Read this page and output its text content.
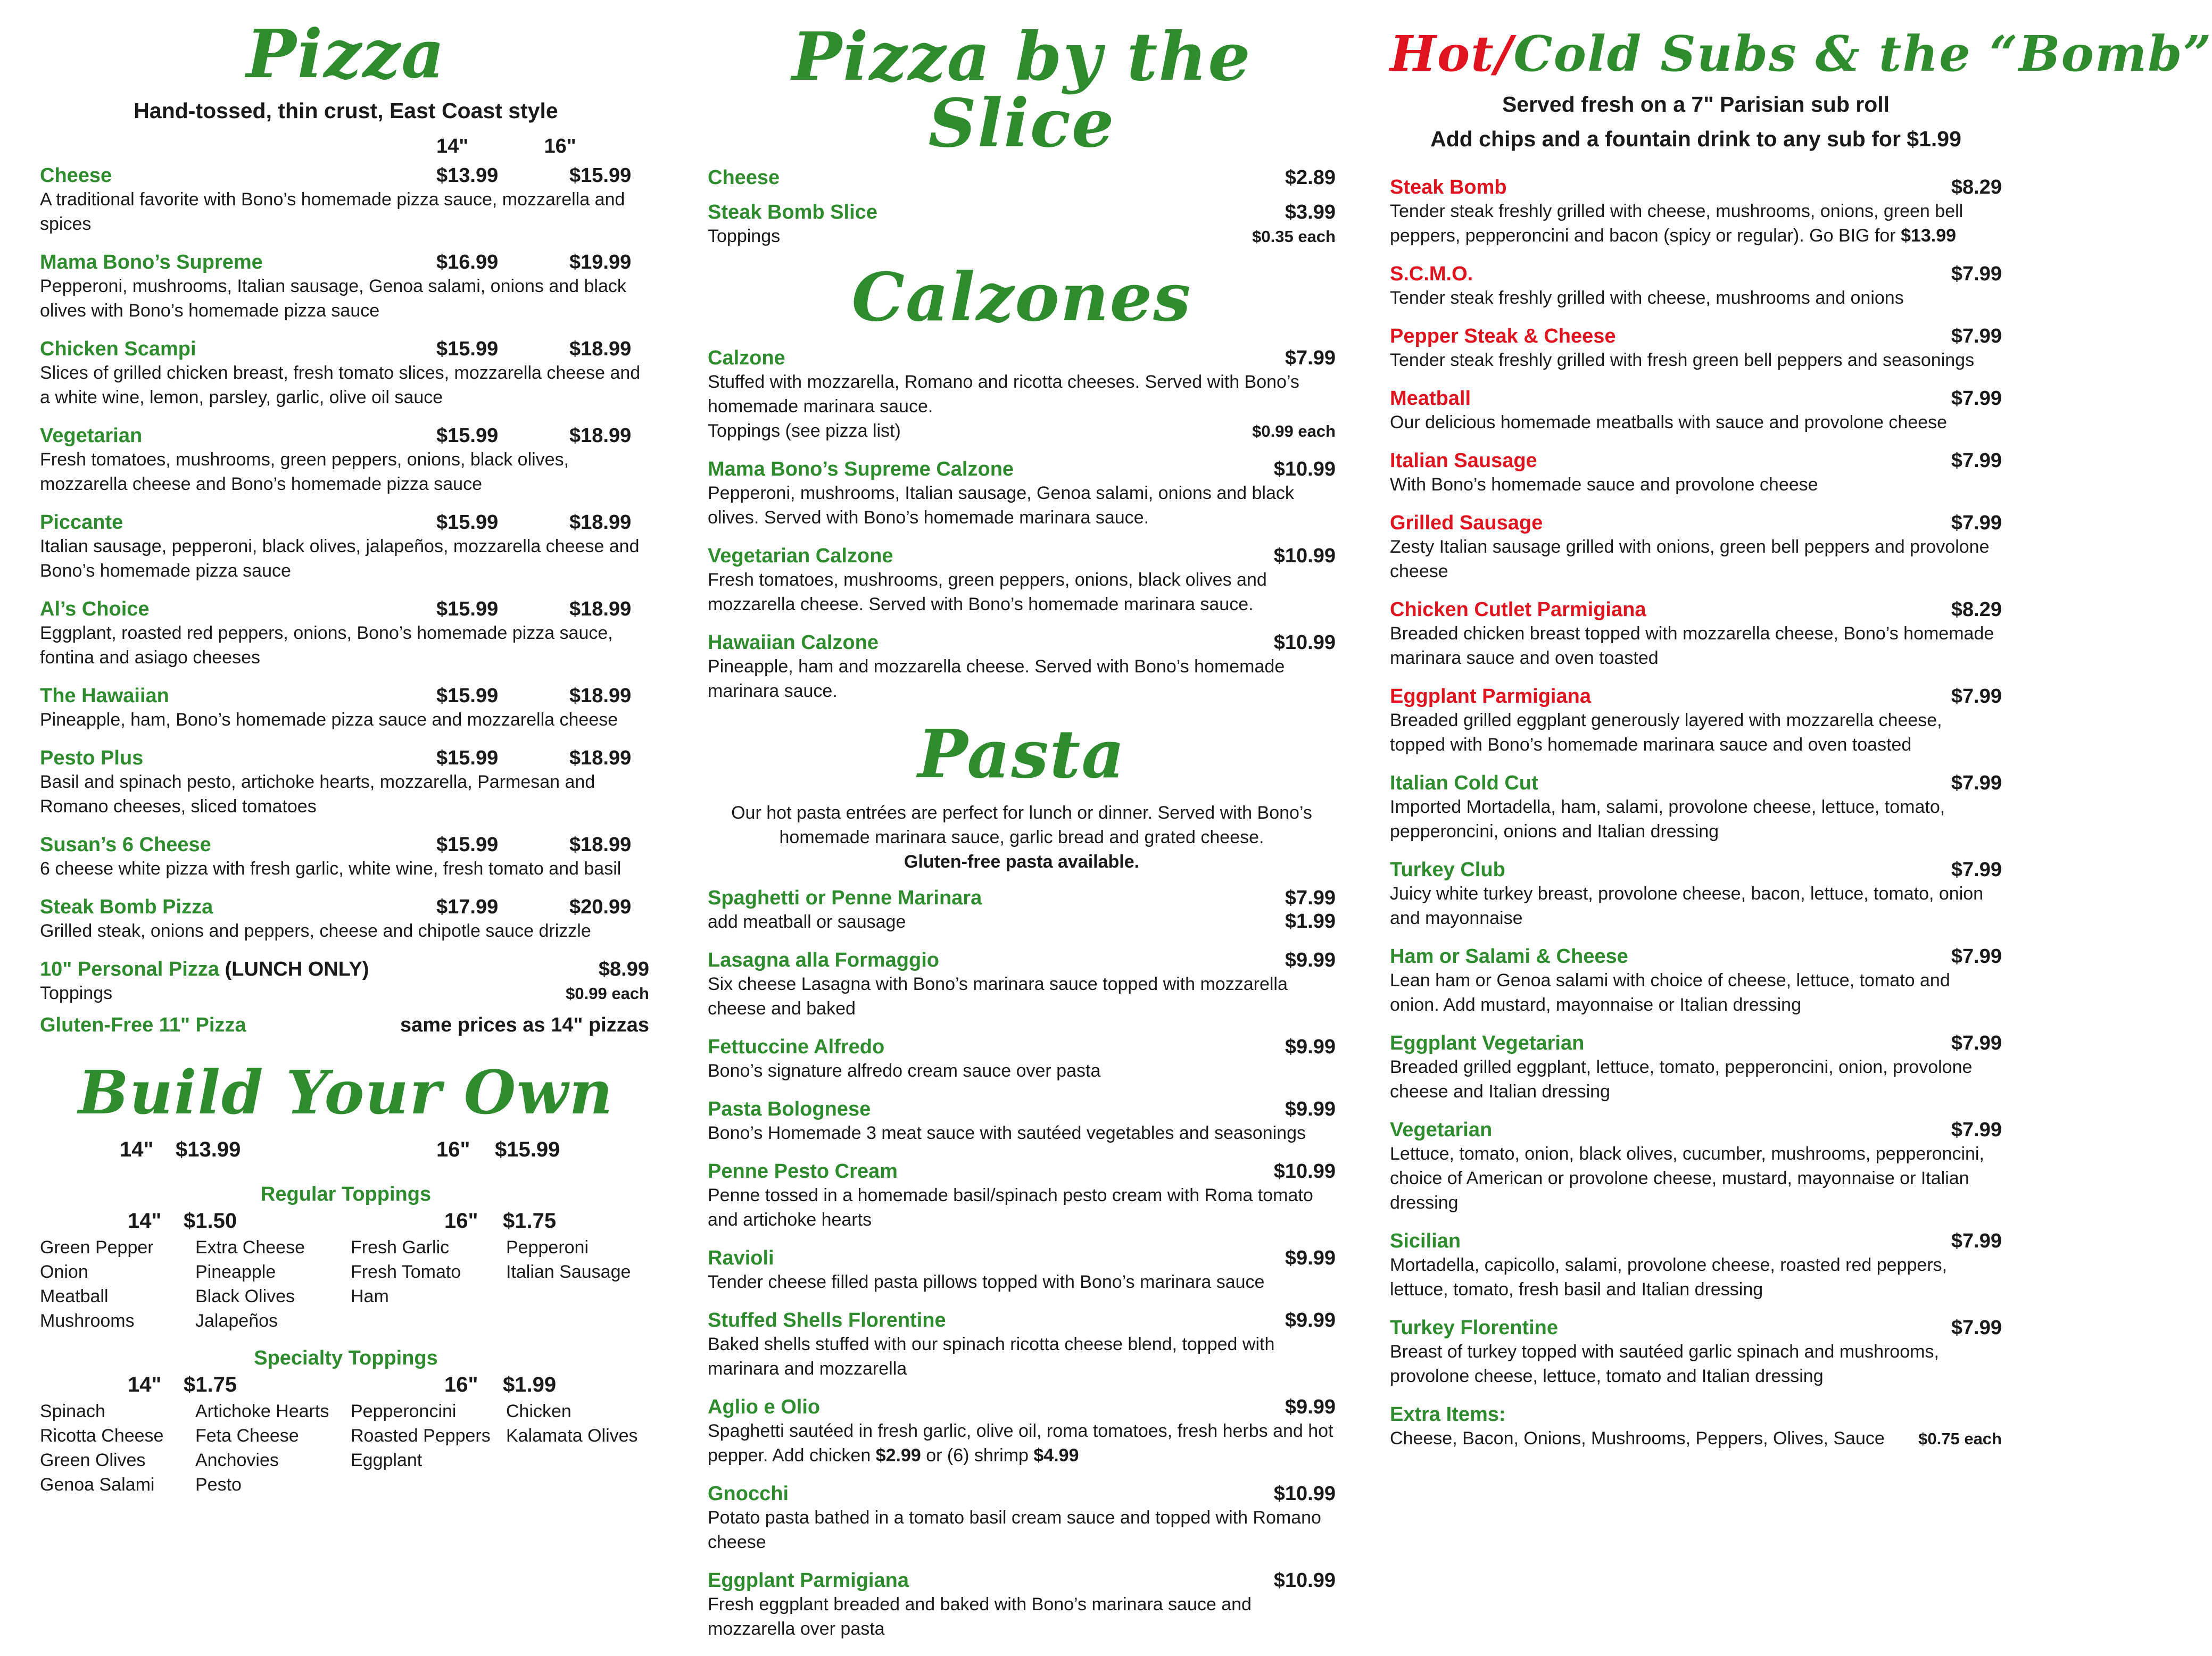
Pizza

Hand-tossed, thin crust, East Coast style

14"	16"
Cheese	$13.99	$15.99
A traditional favorite with Bono’s homemade pizza sauce, mozzarella and spices
Mama Bono’s Supreme	$16.99	$19.99
Pepperoni, mushrooms, Italian sausage, Genoa salami, onions and black olives with Bono’s homemade pizza sauce
Chicken Scampi	$15.99	$18.99
Slices of grilled chicken breast, fresh tomato slices, mozzarella cheese and a white wine, lemon, parsley, garlic, olive oil sauce
Vegetarian	$15.99	$18.99
Fresh tomatoes, mushrooms, green peppers, onions, black olives, mozzarella cheese and Bono’s homemade pizza sauce
Piccante	$15.99	$18.99
Italian sausage, pepperoni, black olives, jalapeños, mozzarella cheese and Bono’s homemade pizza sauce
Al’s Choice	$15.99	$18.99
Eggplant, roasted red peppers, onions, Bono’s homemade pizza sauce, fontina and asiago cheeses
The Hawaiian	$15.99	$18.99
Pineapple, ham, Bono’s homemade pizza sauce and mozzarella cheese
Pesto Plus	$15.99	$18.99
Basil and spinach pesto, artichoke hearts, mozzarella, Parmesan and Romano cheeses, sliced tomatoes
Susan’s 6 Cheese	$15.99	$18.99
6 cheese white pizza with fresh garlic, white wine, fresh tomato and basil
Steak Bomb Pizza	$17.99	$20.99
Grilled steak, onions and peppers, cheese and chipotle sauce drizzle
10" Personal Pizza (LUNCH ONLY)	$8.99
Toppings	$0.99 each
Gluten-Free 11" Pizza	same prices as 14" pizzas
Build Your Own
14"	$13.99	16"	$15.99

Regular Toppings

14"	$1.50	16"	$1.75
Green Pepper
Onion
Meatball
Mushrooms
Extra Cheese
Pineapple
Black Olives
Jalapeños
Fresh Garlic
Fresh Tomato
Ham
Pepperoni
Italian Sausage

Specialty Toppings

14"	$1.75	16"	$1.99
Spinach
Ricotta Cheese
Green Olives
Genoa Salami
Artichoke Hearts
Feta Cheese
Anchovies
Pesto
Pepperoncini
Roasted Peppers
Eggplant
Chicken
Kalamata Olives
Pizza by the Slice
Cheese	$2.89
Steak Bomb Slice	$3.99
Toppings	$0.35 each
Calzones
Calzone	$7.99
Stuffed with mozzarella, Romano and ricotta cheeses. Served with Bono’s homemade marinara sauce.
Toppings (see pizza list)	$0.99 each
Mama Bono’s Supreme Calzone	$10.99
Pepperoni, mushrooms, Italian sausage, Genoa salami, onions and black olives. Served with Bono’s homemade marinara sauce.
Vegetarian Calzone	$10.99
Fresh tomatoes, mushrooms, green peppers, onions, black olives and mozzarella cheese. Served with Bono’s homemade marinara sauce.
Hawaiian Calzone	$10.99
Pineapple, ham and mozzarella cheese. Served with Bono’s homemade marinara sauce.
Pasta

Our hot pasta entrées are perfect for lunch or dinner. Served with Bono’s homemade marinara sauce, garlic bread and grated cheese.

Gluten-free pasta available.

Spaghetti or Penne Marinara	$7.99
add meatball or sausage	$1.99
Lasagna alla Formaggio	$9.99
Six cheese Lasagna with Bono’s marinara sauce topped with mozzarella cheese and baked
Fettuccine Alfredo	$9.99
Bono’s signature alfredo cream sauce over pasta
Pasta Bolognese	$9.99
Bono’s Homemade 3 meat sauce with sautéed vegetables and seasonings
Penne Pesto Cream	$10.99
Penne tossed in a homemade basil/spinach pesto cream with Roma tomato and artichoke hearts
Ravioli	$9.99
Tender cheese filled pasta pillows topped with Bono’s marinara sauce
Stuffed Shells Florentine	$9.99
Baked shells stuffed with our spinach ricotta cheese blend, topped with marinara and mozzarella
Aglio e Olio	$9.99
Spaghetti sautéed in fresh garlic, olive oil, roma tomatoes, fresh herbs and hot pepper. Add chicken $2.99 or (6) shrimp $4.99
Gnocchi	$10.99
Potato pasta bathed in a tomato basil cream sauce and topped with Romano cheese
Eggplant Parmigiana	$10.99
Fresh eggplant breaded and baked with Bono’s marinara sauce and mozzarella over pasta
Hot/Cold Subs & the “Bomb”

Served fresh on a 7" Parisian sub roll

Add chips and a fountain drink to any sub for $1.99

Steak Bomb	$8.29
Tender steak freshly grilled with cheese, mushrooms, onions, green bell peppers, pepperoncini and bacon (spicy or regular). Go BIG for $13.99
S.C.M.O.	$7.99
Tender steak freshly grilled with cheese, mushrooms and onions
Pepper Steak & Cheese	$7.99
Tender steak freshly grilled with fresh green bell peppers and seasonings
Meatball	$7.99
Our delicious homemade meatballs with sauce and provolone cheese
Italian Sausage	$7.99
With Bono’s homemade sauce and provolone cheese
Grilled Sausage	$7.99
Zesty Italian sausage grilled with onions, green bell peppers and provolone cheese
Chicken Cutlet Parmigiana	$8.29
Breaded chicken breast topped with mozzarella cheese, Bono’s homemade marinara sauce and oven toasted
Eggplant Parmigiana	$7.99
Breaded grilled eggplant generously layered with mozzarella cheese, topped with Bono’s homemade marinara sauce and oven toasted
Italian Cold Cut	$7.99
Imported Mortadella, ham, salami, provolone cheese, lettuce, tomato, pepperoncini, onions and Italian dressing
Turkey Club	$7.99
Juicy white turkey breast, provolone cheese, bacon, lettuce, tomato, onion and mayonnaise
Ham or Salami & Cheese	$7.99
Lean ham or Genoa salami with choice of cheese, lettuce, tomato and onion. Add mustard, mayonnaise or Italian dressing
Eggplant Vegetarian	$7.99
Breaded grilled eggplant, lettuce, tomato, pepperoncini, onion, provolone cheese and Italian dressing
Vegetarian	$7.99
Lettuce, tomato, onion, black olives, cucumber, mushrooms, pepperoncini, choice of American or provolone cheese, mustard, mayonnaise or Italian dressing
Sicilian	$7.99
Mortadella, capicollo, salami, provolone cheese, roasted red peppers, lettuce, tomato, fresh basil and Italian dressing
Turkey Florentine	$7.99
Breast of turkey topped with sautéed garlic spinach and mushrooms, provolone cheese, lettuce, tomato and Italian dressing
Extra Items:
Cheese, Bacon, Onions, Mushrooms, Peppers, Olives, Sauce $0.75 each
